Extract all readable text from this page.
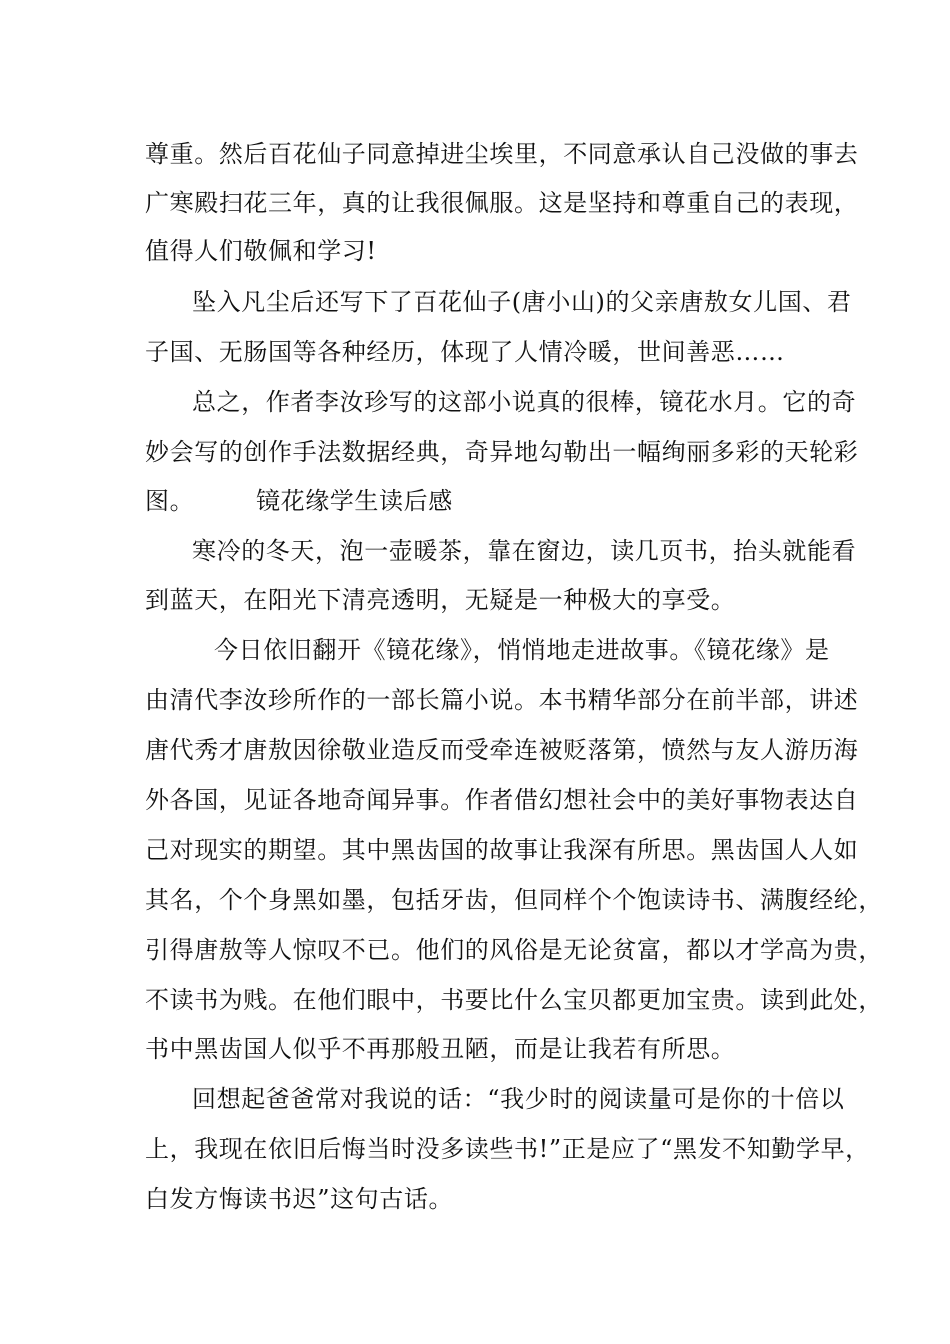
尊重。然后百花仙子同意掉进尘埃里，不同意承认自己没做的事去
广寒殿扫花三年，真的让我很佩服。这是坚持和尊重自己的表现，
值得人们敬佩和学习!
坠入凡尘后还写下了百花仙子(唐小山)的父亲唐敖女儿国、君
子国、无肠国等各种经历，体现了人情冷暖，世间善恶……
总之，作者李汝珍写的这部小说真的很棒，镜花水月。它的奇
妙会写的创作手法数据经典，奇异地勾勒出一幅绚丽多彩的天轮彩
图。　　　镜花缘学生读后感
寒冷的冬天，泡一壶暖茶，靠在窗边，读几页书，抬头就能看
到蓝天，在阳光下清亮透明，无疑是一种极大的享受。
今日依旧翻开《镜花缘》，悄悄地走进故事。《镜花缘》是
由清代李汝珍所作的一部长篇小说。本书精华部分在前半部，讲述
唐代秀才唐敖因徐敬业造反而受牵连被贬落第，愤然与友人游历海
外各国，见证各地奇闻异事。作者借幻想社会中的美好事物表达自
己对现实的期望。其中黑齿国的故事让我深有所思。黑齿国人人如
其名，个个身黑如墨，包括牙齿，但同样个个饱读诗书、满腹经纶，
引得唐敖等人惊叹不已。他们的风俗是无论贫富，都以才学高为贵，
不读书为贱。在他们眼中，书要比什么宝贝都更加宝贵。读到此处，
书中黑齿国人似乎不再那般丑陋，而是让我若有所思。
回想起爸爸常对我说的话：“我少时的阅读量可是你的十倍以
上，我现在依旧后悔当时没多读些书!”正是应了“黑发不知勤学早，
白发方悔读书迟”这句古话。
